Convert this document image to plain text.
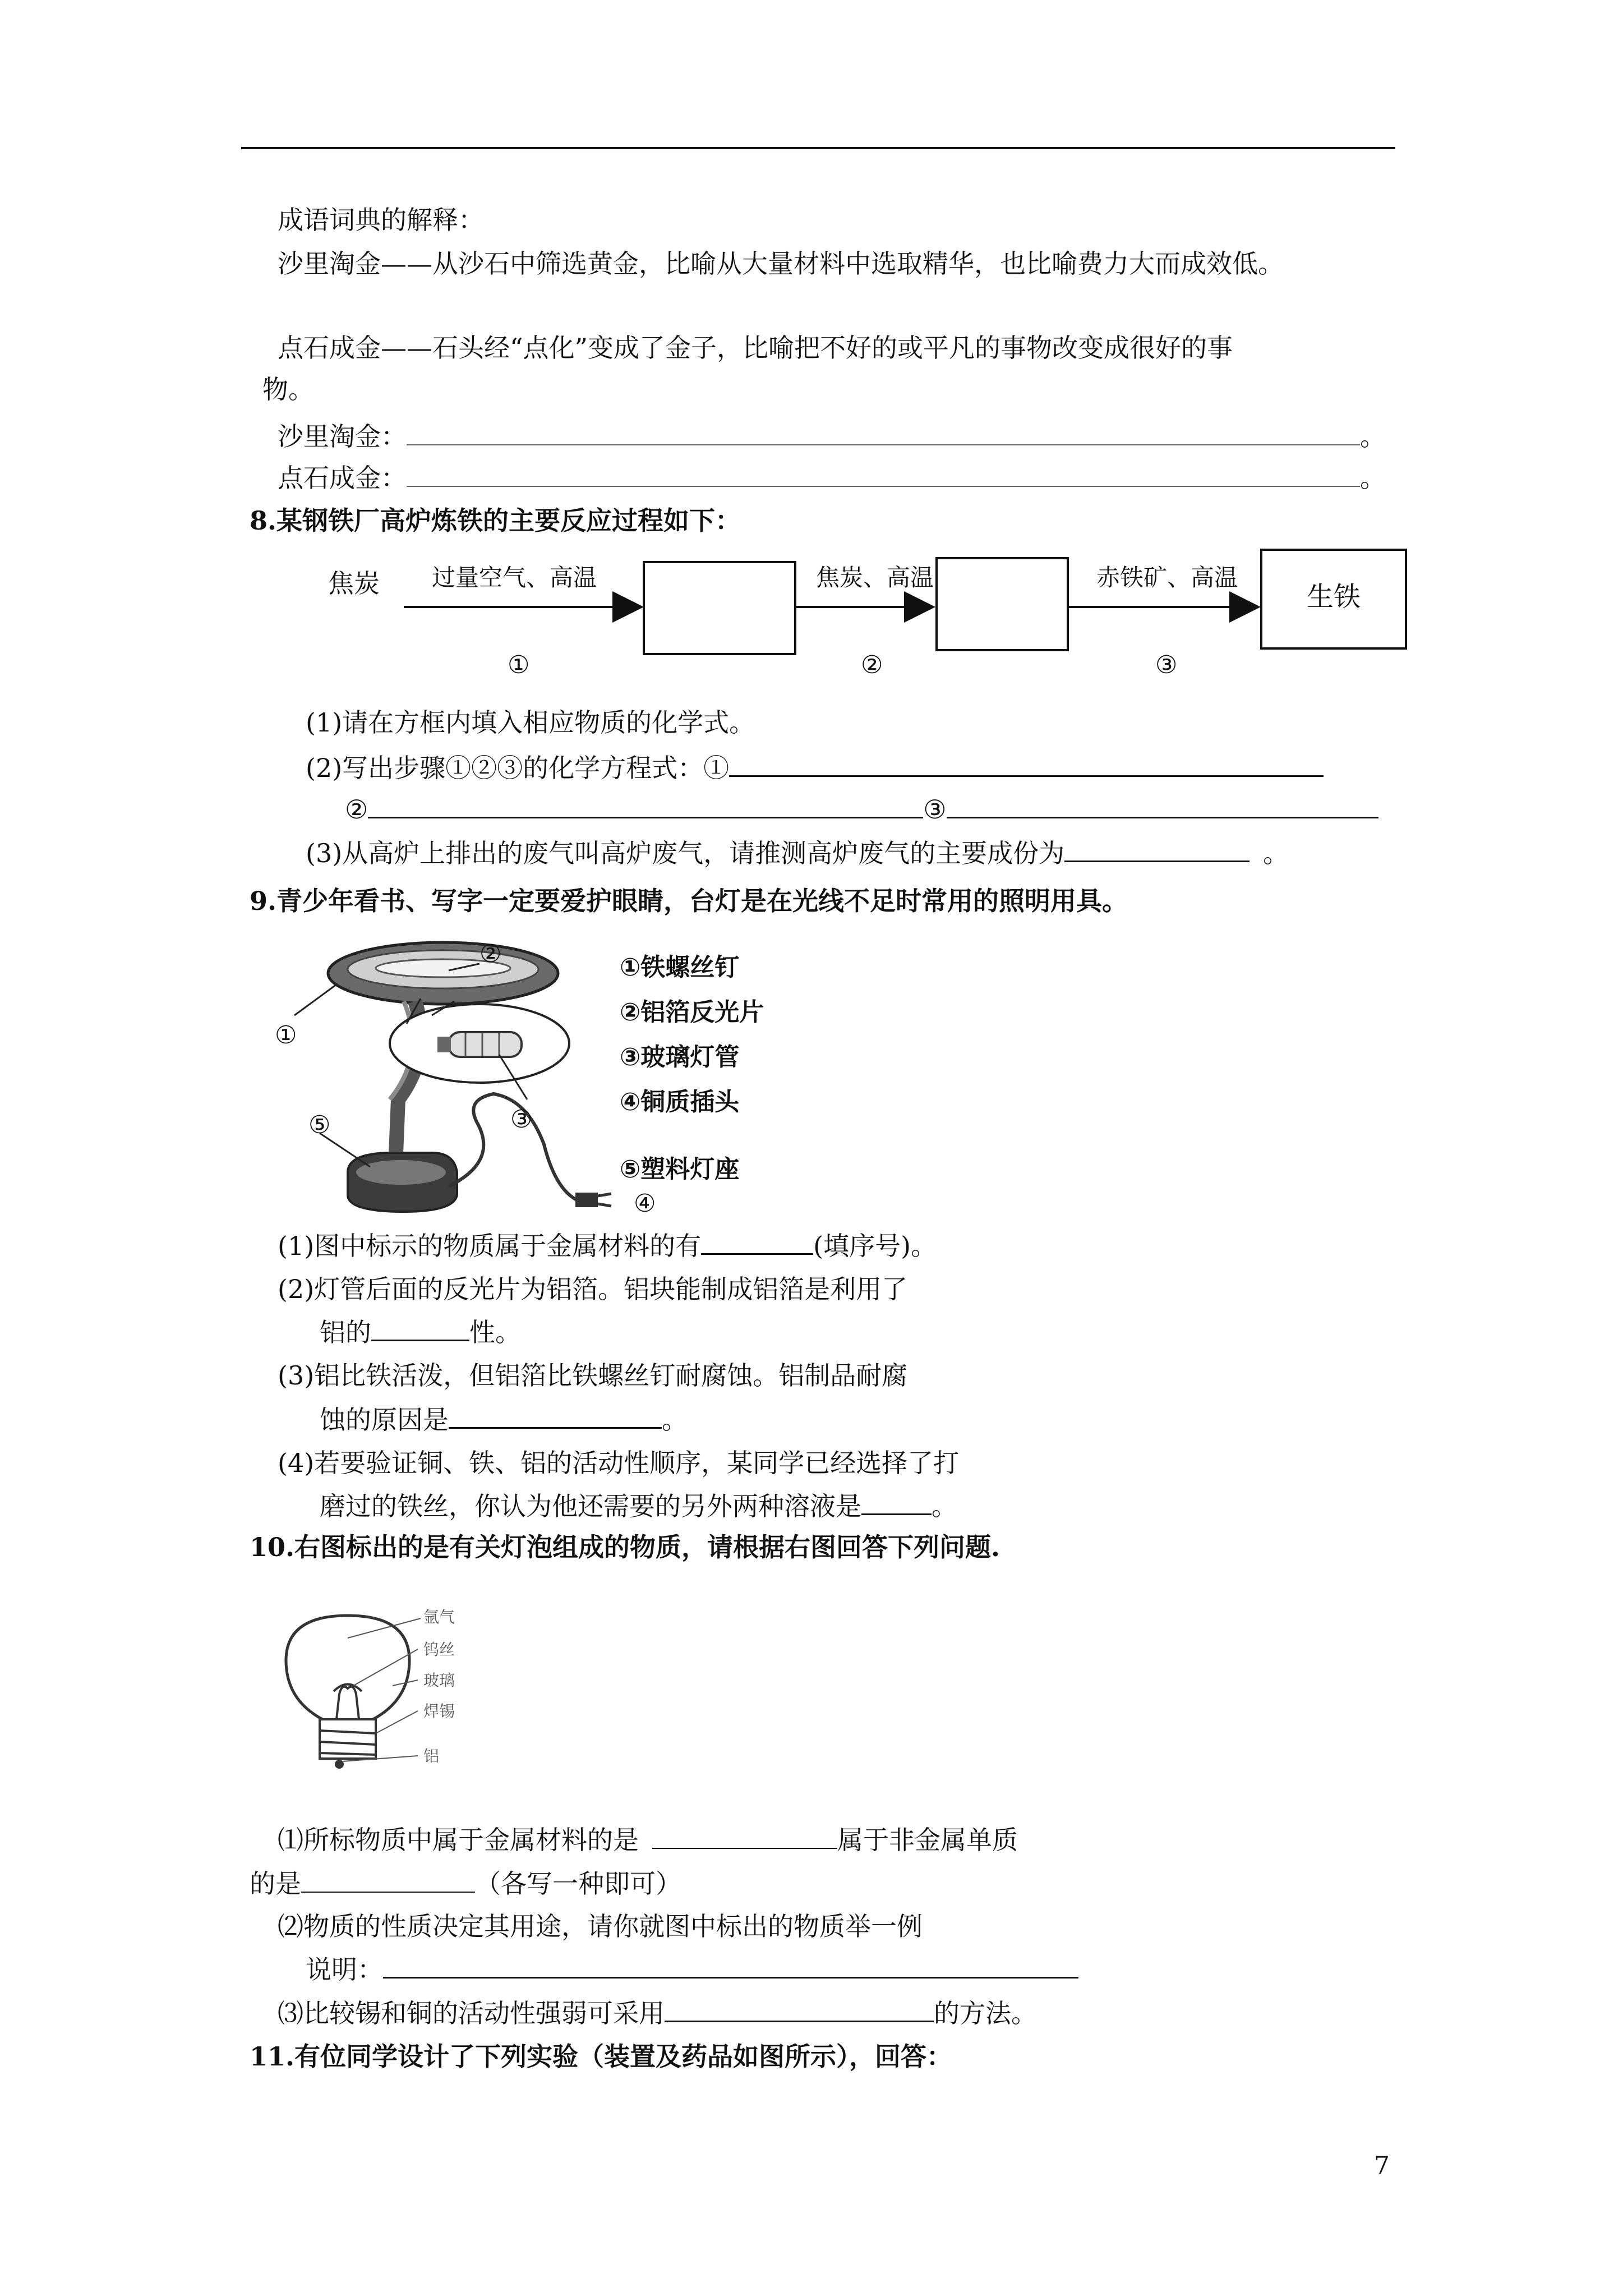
成语词典的解释：
沙里淘金——从沙石中筛选黄金，比喻从大量材料中选取精华，也比喻费力大而成效低。
点石成金——石头经“点化”变成了金子，比喻把不好的或平凡的事物改变成很好的事
物。
沙里淘金：	。
点石成金：	。
8.某钢铁厂高炉炼铁的主要反应过程如下：
焦炭 过量空气、高温	焦炭、高温	赤铁矿、高温
生铁
①	②	③
(1)请在方框内填入相应物质的化学式。
(2)写出步骤①②③的化学方程式：①
②	③
(3)从高炉上排出的废气叫高炉废气，请推测高炉废气的主要成份为	。
9.青少年看书、写字一定要爱护眼睛，台灯是在光线不足时常用的照明用具。
①
②
③
④
⑤
①铁螺丝钉
②铝箔反光片
③玻璃灯管
④铜质插头
⑤塑料灯座
(1)图中标示的物质属于金属材料的有	(填序号)。
(2)灯管后面的反光片为铝箔。铝块能制成铝箔是利用了
铝的	性。
(3)铝比铁活泼，但铝箔比铁螺丝钉耐腐蚀。铝制品耐腐
蚀的原因是	。
(4)若要验证铜、铁、铝的活动性顺序，某同学已经选择了打
磨过的铁丝，你认为他还需要的另外两种溶液是	。
10.右图标出的是有关灯泡组成的物质，请根据右图回答下列问题.
氩气
钨丝
玻璃
焊锡
铝
⑴所标物质中属于金属材料的是	属于非金属单质
的是	（各写一种即可）
⑵物质的性质决定其用途，请你就图中标出的物质举一例
说明：
⑶比较锡和铜的活动性强弱可采用	的方法。
11.有位同学设计了下列实验（装置及药品如图所示），回答：
7
